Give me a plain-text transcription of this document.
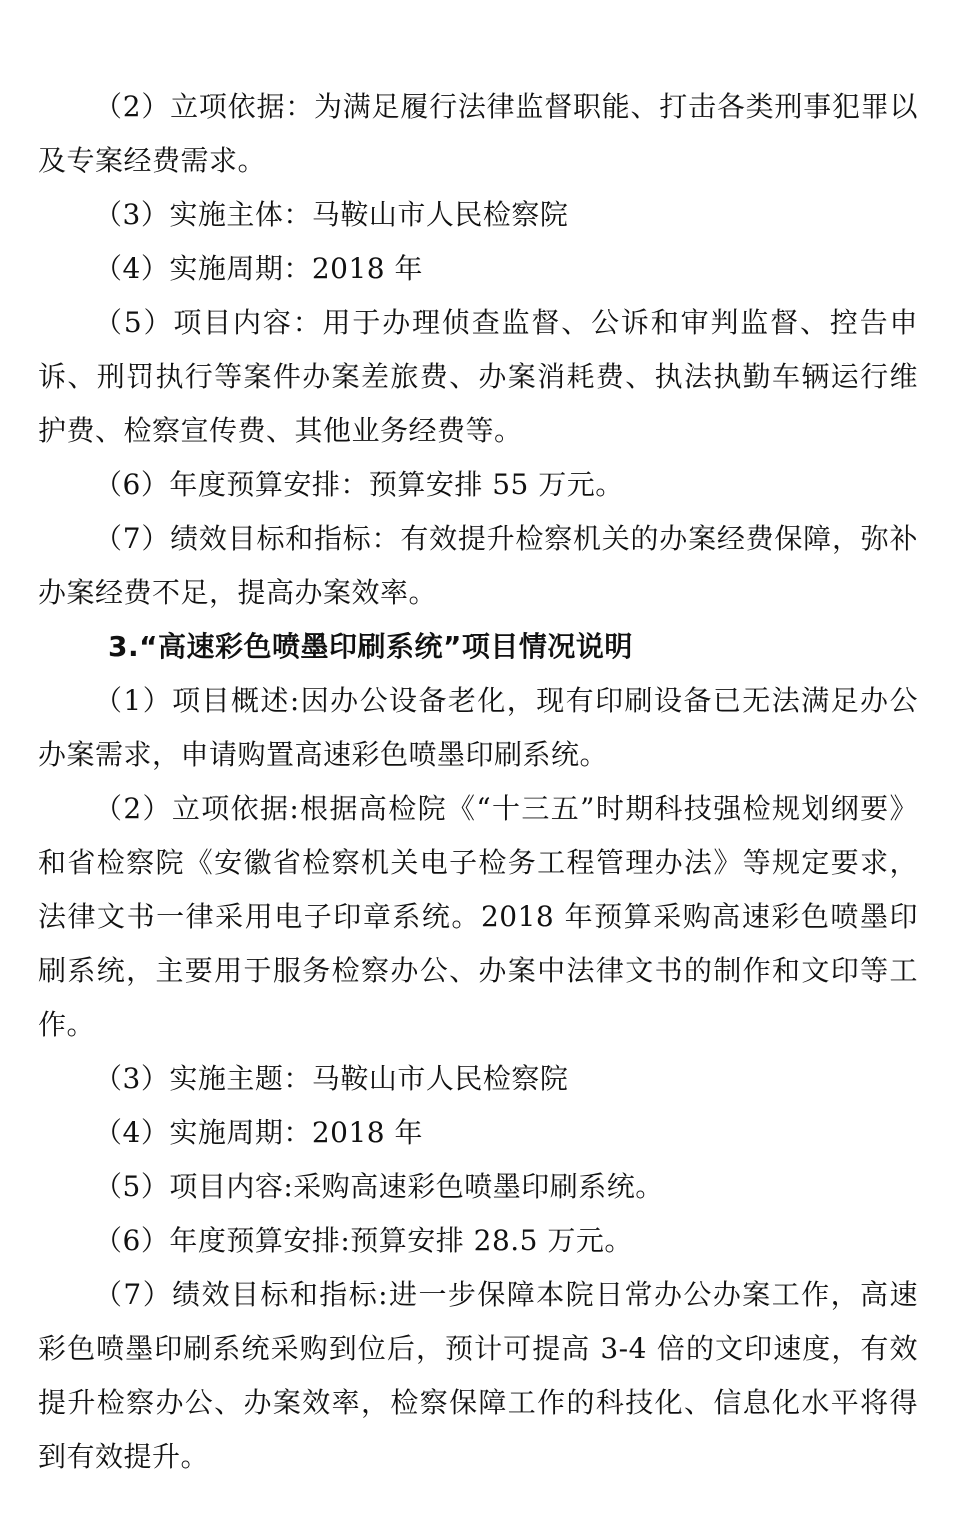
（2）立项依据：为满足履行法律监督职能、打击各类刑事犯罪以及专案经费需求。

（3）实施主体：马鞍山市人民检察院

（4）实施周期：2018 年

（5）项目内容：用于办理侦查监督、公诉和审判监督、控告申诉、刑罚执行等案件办案差旅费、办案消耗费、执法执勤车辆运行维护费、检察宣传费、其他业务经费等。

（6）年度预算安排：预算安排 55 万元。

（7）绩效目标和指标：有效提升检察机关的办案经费保障，弥补办案经费不足，提高办案效率。

3.“高速彩色喷墨印刷系统”项目情况说明

（1）项目概述:因办公设备老化，现有印刷设备已无法满足办公办案需求，申请购置高速彩色喷墨印刷系统。

（2）立项依据:根据高检院《“十三五”时期科技强检规划纲要》和省检察院《安徽省检察机关电子检务工程管理办法》等规定要求，法律文书一律采用电子印章系统。2018 年预算采购高速彩色喷墨印刷系统，主要用于服务检察办公、办案中法律文书的制作和文印等工作。

（3）实施主题：马鞍山市人民检察院

（4）实施周期：2018 年

（5）项目内容:采购高速彩色喷墨印刷系统。

（6）年度预算安排:预算安排 28.5 万元。

（7）绩效目标和指标:进一步保障本院日常办公办案工作，高速彩色喷墨印刷系统采购到位后，预计可提高 3-4 倍的文印速度，有效提升检察办公、办案效率，检察保障工作的科技化、信息化水平将得到有效提升。
